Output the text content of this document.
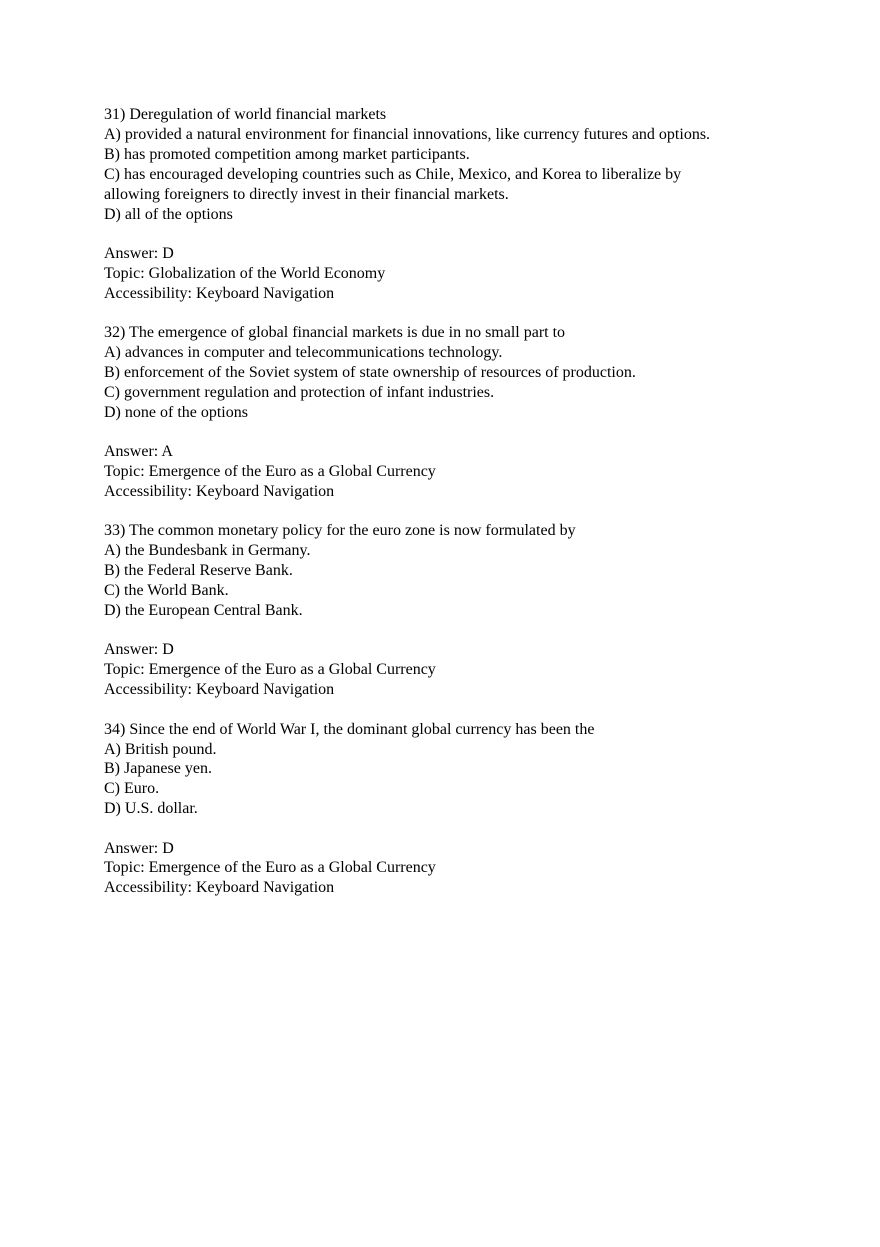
31) Deregulation of world financial markets
A) provided a natural environment for financial innovations, like currency futures and options.
B) has promoted competition among market participants.
C) has encouraged developing countries such as Chile, Mexico, and Korea to liberalize by
allowing foreigners to directly invest in their financial markets.
D) all of the options
Answer: D
Topic: Globalization of the World Economy
Accessibility: Keyboard Navigation
32) The emergence of global financial markets is due in no small part to
A) advances in computer and telecommunications technology.
B) enforcement of the Soviet system of state ownership of resources of production.
C) government regulation and protection of infant industries.
D) none of the options
Answer: A
Topic: Emergence of the Euro as a Global Currency
Accessibility: Keyboard Navigation
33) The common monetary policy for the euro zone is now formulated by
A) the Bundesbank in Germany.
B) the Federal Reserve Bank.
C) the World Bank.
D) the European Central Bank.
Answer: D
Topic: Emergence of the Euro as a Global Currency
Accessibility: Keyboard Navigation
34) Since the end of World War I, the dominant global currency has been the
A) British pound.
B) Japanese yen.
C) Euro.
D) U.S. dollar.
Answer: D
Topic: Emergence of the Euro as a Global Currency
Accessibility: Keyboard Navigation
